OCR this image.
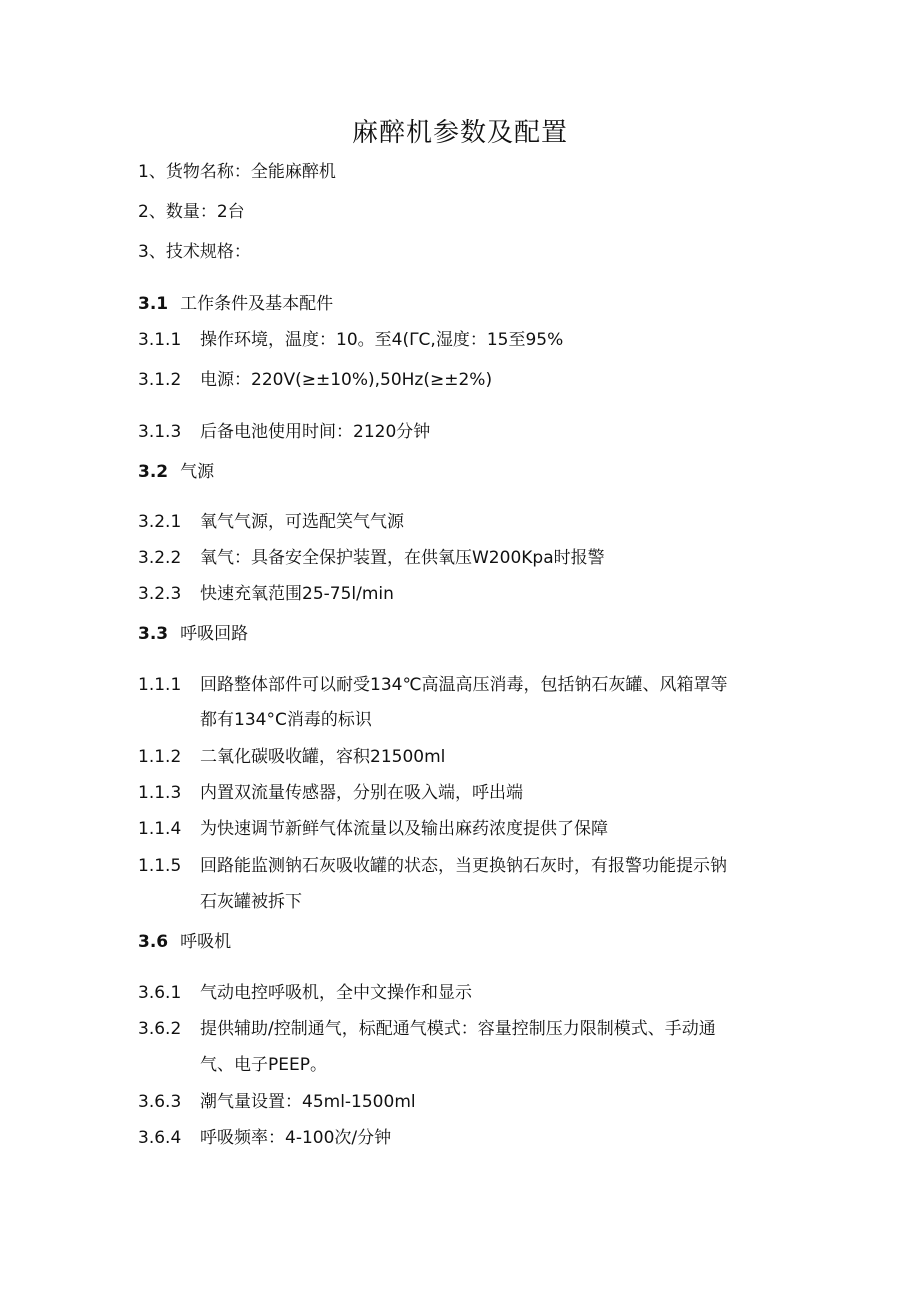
麻醉机参数及配置
1、货物名称：全能麻醉机
2、数量：2台
3、技术规格：
3.1 工作条件及基本配件
3.1.1 操作环境，温度：10。至4(ΓC,湿度：15至95%
3.1.2 电源：220V(≥±10%),50Hz(≥±2%)
3.1.3 后备电池使用时间：2120分钟
3.2 气源
3.2.1 氧气气源，可选配笑气气源
3.2.2 氧气：具备安全保护装置，在供氧压W200Kpa时报警
3.2.3 快速充氧范围25-75l/min
3.3 呼吸回路
1.1.1 回路整体部件可以耐受134℃高温高压消毒，包括钠石灰罐、风箱罩等
都有134°C消毒的标识
1.1.2 二氧化碳吸收罐，容积21500ml
1.1.3 内置双流量传感器，分别在吸入端，呼出端
1.1.4 为快速调节新鲜气体流量以及输出麻药浓度提供了保障
1.1.5 回路能监测钠石灰吸收罐的状态，当更换钠石灰时，有报警功能提示钠
石灰罐被拆下
3.6 呼吸机
3.6.1 气动电控呼吸机，全中文操作和显示
3.6.2 提供辅助/控制通气，标配通气模式：容量控制压力限制模式、手动通
气、电子PEEP。
3.6.3 潮气量设置：45ml-1500ml
3.6.4 呼吸频率：4-100次/分钟
